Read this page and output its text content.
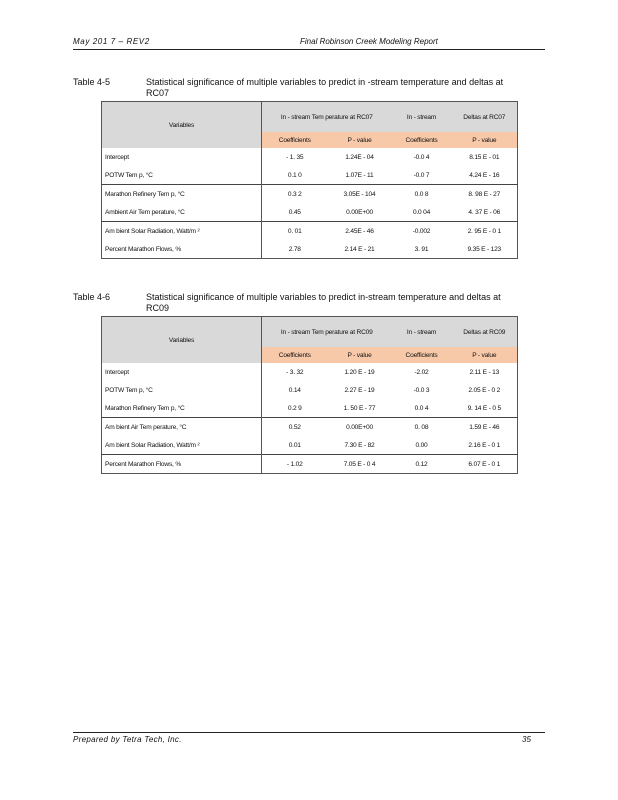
May 201 7 – REV2	Final Robinson Creek Modeling Report
Table 4-5	Statistical significance of multiple variables to predict in -stream temperature and deltas at RC07
Variables	In - stream Tem perature at RC07		In - stream	Deltas at RC07
	Coefficients	P - value	Coefficients	P - value
Intercept	- 1. 35	1.24E - 04	-0.0 4	8.15 E - 01
POTW Tem p, °C	0.1 0	1.07E - 11	-0.0 7	4.24 E - 16
Marathon Refinery Tem p, °C	0.3 2	3.05E - 104	0.0 8	8. 98 E - 27
Ambient Air Tem perature, °C	0.45	0.00E+00	0.0 04	4. 37 E - 06
Am bient Solar Radiation, Watt/m ²	0. 01	2.45E - 46	-0.002	2. 95 E - 0 1
Percent Marathon Flows, %	2.78	2.14 E - 21	3. 91	9.35 E - 123
Table 4-6	Statistical significance of multiple variables to predict in-stream temperature and deltas at RC09
Variables	In - stream Tem perature at RC09		In - stream	Deltas at RC09
	Coefficients	P - value	Coefficients	P - value
Intercept	- 3. 32	1.20 E - 19	-2.02	2.11 E - 13
POTW Tem p, °C	0.14	2.27 E - 19	-0.0 3	2.05 E - 0 2
Marathon Refinery Tem p, °C	0.2 9	1. 50 E - 77	0.0 4	9. 14 E - 0 5
Am bient Air Tem perature, °C	0.52	0.00E+00	0. 08	1.59 E - 46
Am bient Solar Radiation, Watt/m ²	0.01	7.30 E - 82	0.00	2.16 E - 0 1
Percent Marathon Flows, %	- 1.02	7.05 E - 0 4	0.12	6.07 E - 0 1
Prepared by Tetra Tech, Inc.	35
